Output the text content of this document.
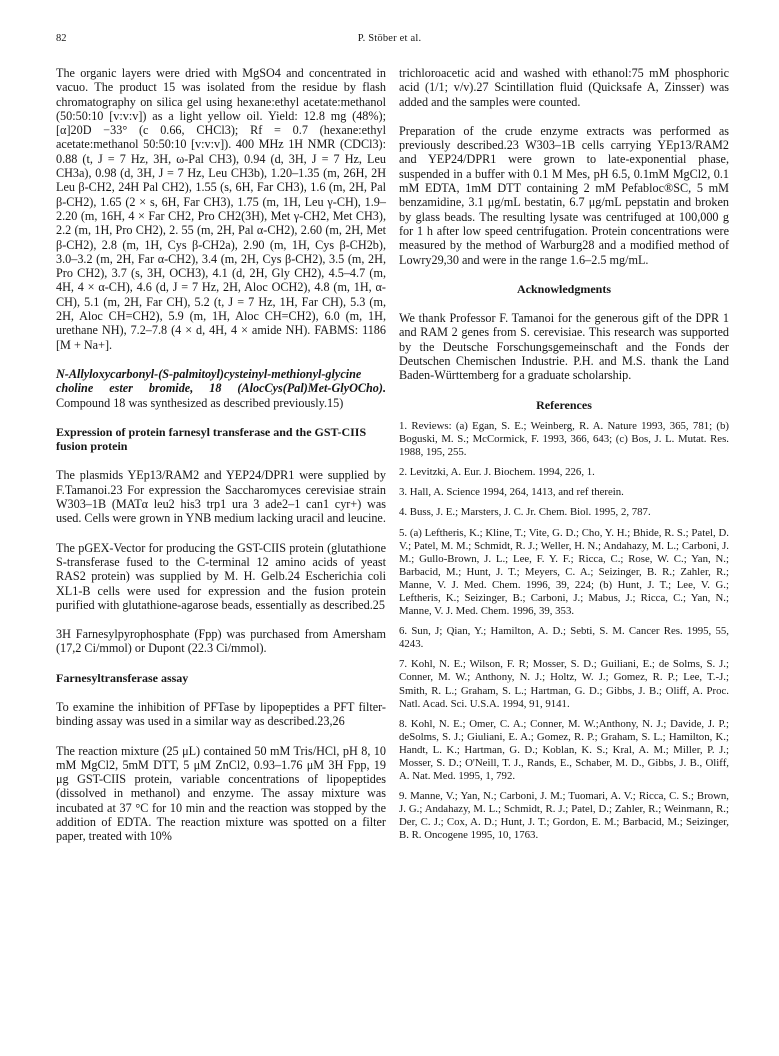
82	P. Stöber et al.

The organic layers were dried with MgSO4 and concentrated in vacuo. The product 15 was isolated from the residue by flash chromatography on silica gel using hexane:ethyl acetate:methanol (50:50:10 [v:v:v]) as a light yellow oil. Yield: 12.8 mg (48%); [α]20D −33° (c 0.66, CHCl3); Rf = 0.7 (hexane:ethyl acetate:methanol 50:50:10 [v:v:v]). 400 MHz 1H NMR (CDCl3): 0.88 (t, J = 7 Hz, 3H, ω-Pal CH3), 0.94 (d, 3H, J = 7 Hz, Leu CH3a), 0.98 (d, 3H, J = 7 Hz, Leu CH3b), 1.20–1.35 (m, 26H, 2H Leu β-CH2, 24H Pal CH2), 1.55 (s, 6H, Far CH3), 1.6 (m, 2H, Pal β-CH2), 1.65 (2 × s, 6H, Far CH3), 1.75 (m, 1H, Leu γ-CH), 1.9–2.20 (m, 16H, 4 × Far CH2, Pro CH2(3H), Met γ-CH2, Met CH3), 2.2 (m, 1H, Pro CH2), 2. 55 (m, 2H, Pal α-CH2), 2.60 (m, 2H, Met β-CH2), 2.8 (m, 1H, Cys β-CH2a), 2.90 (m, 1H, Cys β-CH2b), 3.0–3.2 (m, 2H, Far α-CH2), 3.4 (m, 2H, Cys β-CH2), 3.5 (m, 2H, Pro CH2), 3.7 (s, 3H, OCH3), 4.1 (d, 2H, Gly CH2), 4.5–4.7 (m, 4H, 4 × α-CH), 4.6 (d, J = 7 Hz, 2H, Aloc OCH2), 4.8 (m, 1H, α-CH), 5.1 (m, 2H, Far CH), 5.2 (t, J = 7 Hz, 1H, Far CH), 5.3 (m, 2H, Aloc CH=CH2), 5.9 (m, 1H, Aloc CH=CH2), 6.0 (m, 1H, urethane NH), 7.2–7.8 (4 × d, 4H, 4 × amide NH). FABMS: 1186 [M + Na+].

N-Allyloxycarbonyl-(S-palmitoyl)cysteinyl-methionyl-glycine choline ester bromide, 18 (AlocCys(Pal)Met-GlyOCho). Compound 18 was synthesized as described previously.15)

Expression of protein farnesyl transferase and the GST-CIIS fusion protein

The plasmids YEp13/RAM2 and YEP24/DPR1 were supplied by F.Tamanoi.23 For expression the Saccharomyces cerevisiae strain W303–1B (MATα leu2 his3 trp1 ura 3 ade2–1 can1 cyr+) was used. Cells were grown in YNB medium lacking uracil and leucine.

The pGEX-Vector for producing the GST-CIIS protein (glutathione S-transferase fused to the C-terminal 12 amino acids of yeast RAS2 protein) was supplied by M. H. Gelb.24 Escherichia coli XL1-B cells were used for expression and the fusion protein purified with glutathione-agarose beads, essentially as described.25

3H Farnesylpyrophosphate (Fpp) was purchased from Amersham (17,2 Ci/mmol) or Dupont (22.3 Ci/mmol).

Farnesyltransferase assay

To examine the inhibition of PFTase by lipopeptides a PFT filter-binding assay was used in a similar way as described.23,26

The reaction mixture (25 μL) contained 50 mM Tris/HCl, pH 8, 10 mM MgCl2, 5mM DTT, 5 μM ZnCl2, 0.93–1.76 μM 3H Fpp, 19 μg GST-CIIS protein, variable concentrations of lipopeptides (dissolved in methanol) and enzyme. The assay mixture was incubated at 37 °C for 10 min and the reaction was stopped by the addition of EDTA. The reaction mixture was spotted on a filter paper, treated with 10%

trichloroacetic acid and washed with ethanol:75 mM phosphoric acid (1/1; v/v).27 Scintillation fluid (Quicksafe A, Zinsser) was added and the samples were counted.

Preparation of the crude enzyme extracts was performed as previously described.23 W303–1B cells carrying YEp13/RAM2 and YEP24/DPR1 were grown to late-exponential phase, suspended in a buffer with 0.1 M Mes, pH 6.5, 0.1mM MgCl2, 0.1 mM EDTA, 1mM DTT containing 2 mM Pefabloc®SC, 5 mM benzamidine, 3.1 μg/mL bestatin, 6.7 μg/mL pepstatin and broken by glass beads. The resulting lysate was centrifuged at 100,000 g for 1 h after low speed centrifugation. Protein concentrations were measured by the method of Warburg28 and a modified method of Lowry29,30 and were in the range 1.6–2.5 mg/mL.

Acknowledgments

We thank Professor F. Tamanoi for the generous gift of the DPR 1 and RAM 2 genes from S. cerevisiae. This research was supported by the Deutsche Forschungsgemeinschaft and the Fonds der Deutschen Chemischen Industrie. P.H. and M.S. thank the Land Baden-Württemberg for a graduate scholarship.

References
1. Reviews: (a) Egan, S. E.; Weinberg, R. A. Nature 1993, 365, 781; (b) Boguski, M. S.; McCormick, F. 1993, 366, 643; (c) Bos, J. L. Mutat. Res. 1988, 195, 255.
2. Levitzki, A. Eur. J. Biochem. 1994, 226, 1.
3. Hall, A. Science 1994, 264, 1413, and ref therein.
4. Buss, J. E.; Marsters, J. C. Jr. Chem. Biol. 1995, 2, 787.
5. (a) Leftheris, K.; Kline, T.; Vite, G. D.; Cho, Y. H.; Bhide, R. S.; Patel, D. V.; Patel, M. M.; Schmidt, R. J.; Weller, H. N.; Andahazy, M. L.; Carboni, J. M.; Gullo-Brown, J. L.; Lee, F. Y. F.; Ricca, C.; Rose, W. C.; Yan, N.; Barbacid, M.; Hunt, J. T.; Meyers, C. A.; Seizinger, B. R.; Zahler, R.; Manne, V. J. Med. Chem. 1996, 39, 224; (b) Hunt, J. T.; Lee, V. G.; Leftheris, K.; Seizinger, B.; Carboni, J.; Mabus, J.; Ricca, C.; Yan, N.; Manne, V. J. Med. Chem. 1996, 39, 353.
6. Sun, J; Qian, Y.; Hamilton, A. D.; Sebti, S. M. Cancer Res. 1995, 55, 4243.
7. Kohl, N. E.; Wilson, F. R; Mosser, S. D.; Guiliani, E.; de Solms, S. J.; Conner, M. W.; Anthony, N. J.; Holtz, W. J.; Gomez, R. P.; Lee, T.-J.; Smith, R. L.; Graham, S. L.; Hartman, G. D.; Gibbs, J. B.; Oliff, A. Proc. Natl. Acad. Sci. U.S.A. 1994, 91, 9141.
8. Kohl, N. E.; Omer, C. A.; Conner, M. W.;Anthony, N. J.; Davide, J. P.; deSolms, S. J.; Giuliani, E. A.; Gomez, R. P.; Graham, S. L.; Hamilton, K.; Handt, L. K.; Hartman, G. D.; Koblan, K. S.; Kral, A. M.; Miller, P. J.; Mosser, S. D.; O'Neill, T. J., Rands, E., Schaber, M. D., Gibbs, J. B., Oliff, A. Nat. Med. 1995, 1, 792.
9. Manne, V.; Yan, N.; Carboni, J. M.; Tuomari, A. V.; Ricca, C. S.; Brown, J. G.; Andahazy, M. L.; Schmidt, R. J.; Patel, D.; Zahler, R.; Weinmann, R.; Der, C. J.; Cox, A. D.; Hunt, J. T.; Gordon, E. M.; Barbacid, M.; Seizinger, B. R. Oncogene 1995, 10, 1763.
